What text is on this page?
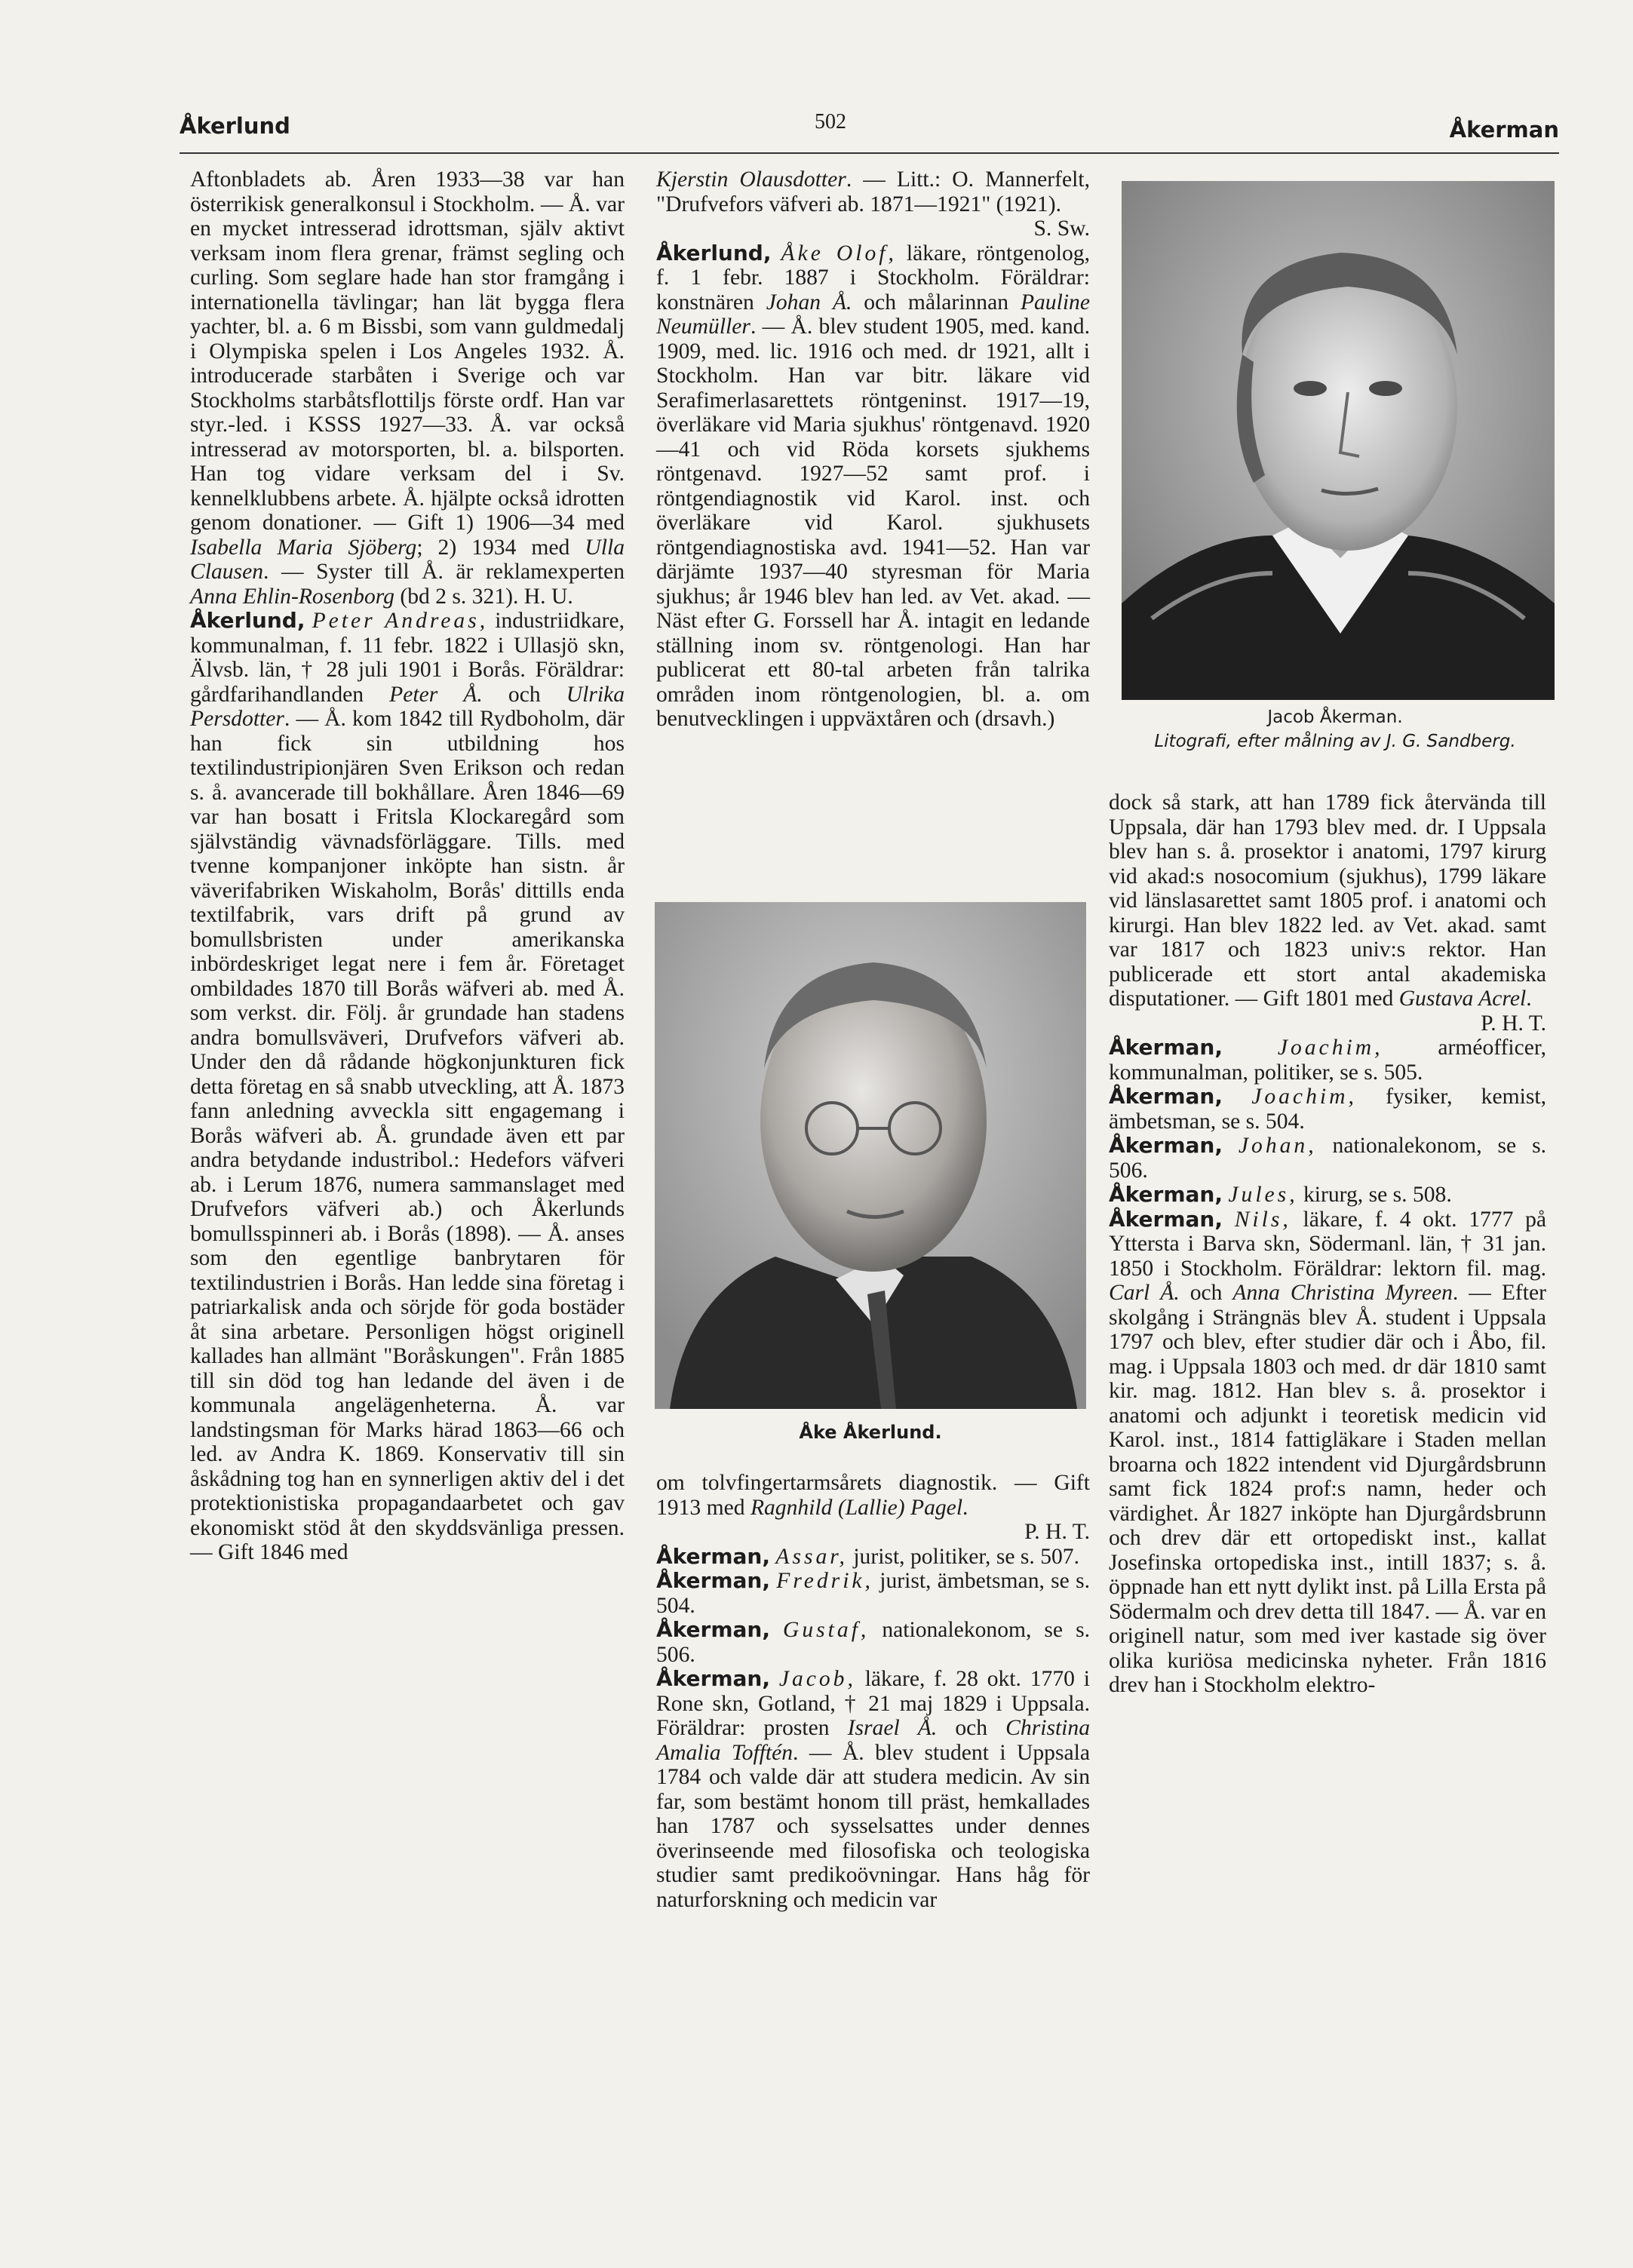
Åkerlund	502	Åkerman

Aftonbladets ab. Åren 1933—38 var han österrikisk generalkonsul i Stockholm. — Å. var en mycket intresserad idrottsman, själv aktivt verksam inom flera grenar, främst segling och curling. Som seglare hade han stor framgång i internationella tävlingar; han lät bygga flera yachter, bl. a. 6 m Bissbi, som vann guldmedalj i Olympiska spelen i Los Angeles 1932. Å. introducerade starbåten i Sverige och var Stockholms starbåtsflottiljs förste ordf. Han var styr.-led. i KSSS 1927—33. Å. var också intresserad av motorsporten, bl. a. bilsporten. Han tog vidare verksam del i Sv. kennelklubbens arbete. Å. hjälpte också idrotten genom donationer. — Gift 1) 1906—34 med Isabella Maria Sjöberg; 2) 1934 med Ulla Clausen. — Syster till Å. är reklamexperten Anna Ehlin-Rosenborg (bd 2 s. 321). H. U.

Åkerlund, Peter Andreas, industriidkare, kommunalman, f. 11 febr. 1822 i Ullasjö skn, Älvsb. län, † 28 juli 1901 i Borås. Föräldrar: gårdfarihandlanden Peter Å. och Ulrika Persdotter. — Å. kom 1842 till Rydboholm, där han fick sin utbildning hos textilindustripionjären Sven Erikson och redan s. å. avancerade till bokhållare. Åren 1846—69 var han bosatt i Fritsla Klockaregård som självständig vävnadsförläggare. Tills. med tvenne kompanjoner inköpte han sistn. år väverifabriken Wiskaholm, Borås' dittills enda textilfabrik, vars drift på grund av bomullsbristen under amerikanska inbördeskriget legat nere i fem år. Företaget ombildades 1870 till Borås wäfveri ab. med Å. som verkst. dir. Följ. år grundade han stadens andra bomullsväveri, Drufvefors väfveri ab. Under den då rådande högkonjunkturen fick detta företag en så snabb utveckling, att Å. 1873 fann anledning avveckla sitt engagemang i Borås wäfveri ab. Å. grundade även ett par andra betydande industribol.: Hedefors väfveri ab. i Lerum 1876, numera sammanslaget med Drufvefors väfveri ab.) och Åkerlunds bomullsspinneri ab. i Borås (1898). — Å. anses som den egentlige banbrytaren för textilindustrien i Borås. Han ledde sina företag i patriarkalisk anda och sörjde för goda bostäder åt sina arbetare. Personligen högst originell kallades han allmänt "Boråskungen". Från 1885 till sin död tog han ledande del även i de kommunala angelägenheterna. Å. var landstingsman för Marks härad 1863—66 och led. av Andra K. 1869. Konservativ till sin åskådning tog han en synnerligen aktiv del i det protektionistiska propagandaarbetet och gav ekonomiskt stöd åt den skyddsvänliga pressen. — Gift 1846 med

Kjerstin Olausdotter. — Litt.: O. Mannerfelt, "Drufvefors väfveri ab. 1871—1921" (1921).
S. Sw.

Åkerlund, Åke Olof, läkare, röntgenolog, f. 1 febr. 1887 i Stockholm. Föräldrar: konstnären Johan Å. och målarinnan Pauline Neumüller. — Å. blev student 1905, med. kand. 1909, med. lic. 1916 och med. dr 1921, allt i Stockholm. Han var bitr. läkare vid Serafimerlasarettets röntgeninst. 1917—19, överläkare vid Maria sjukhus' röntgenavd. 1920—41 och vid Röda korsets sjukhems röntgenavd. 1927—52 samt prof. i röntgendiagnostik vid Karol. inst. och överläkare vid Karol. sjukhusets röntgendiagnostiska avd. 1941—52. Han var därjämte 1937—40 styresman för Maria sjukhus; år 1946 blev han led. av Vet. akad. — Näst efter G. Forssell har Å. intagit en ledande ställning inom sv. röntgenologi. Han har publicerat ett 80-tal arbeten från talrika områden inom röntgenologien, bl. a. om benutvecklingen i uppväxtåren och (drsavh.)

Åke Åkerlund.

om tolvfingertarmsårets diagnostik. — Gift 1913 med Ragnhild (Lallie) Pagel.
P. H. T.

Åkerman, Assar, jurist, politiker, se s. 507.

Åkerman, Fredrik, jurist, ämbetsman, se s. 504.

Åkerman, Gustaf, nationalekonom, se s. 506.

Åkerman, Jacob, läkare, f. 28 okt. 1770 i Rone skn, Gotland, † 21 maj 1829 i Uppsala. Föräldrar: prosten Israel Å. och Christina Amalia Tofftén. — Å. blev student i Uppsala 1784 och valde där att studera medicin. Av sin far, som bestämt honom till präst, hemkallades han 1787 och sysselsattes under dennes överinseende med filosofiska och teologiska studier samt predikoövningar. Hans håg för naturforskning och medicin var

Jacob Åkerman.
Litografi, efter målning av J. G. Sandberg.

dock så stark, att han 1789 fick återvända till Uppsala, där han 1793 blev med. dr. I Uppsala blev han s. å. prosektor i anatomi, 1797 kirurg vid akad:s nosocomium (sjukhus), 1799 läkare vid länslasarettet samt 1805 prof. i anatomi och kirurgi. Han blev 1822 led. av Vet. akad. samt var 1817 och 1823 univ:s rektor. Han publicerade ett stort antal akademiska disputationer. — Gift 1801 med Gustava Acrel.
P. H. T.

Åkerman, Joachim, arméofficer, kommunalman, politiker, se s. 505.

Åkerman, Joachim, fysiker, kemist, ämbetsman, se s. 504.

Åkerman, Johan, nationalekonom, se s. 506.

Åkerman, Jules, kirurg, se s. 508.

Åkerman, Nils, läkare, f. 4 okt. 1777 på Yttersta i Barva skn, Södermanl. län, † 31 jan. 1850 i Stockholm. Föräldrar: lektorn fil. mag. Carl Å. och Anna Christina Myreen. — Efter skolgång i Strängnäs blev Å. student i Uppsala 1797 och blev, efter studier där och i Åbo, fil. mag. i Uppsala 1803 och med. dr där 1810 samt kir. mag. 1812. Han blev s. å. prosektor i anatomi och adjunkt i teoretisk medicin vid Karol. inst., 1814 fattigläkare i Staden mellan broarna och 1822 intendent vid Djurgårdsbrunn samt fick 1824 prof:s namn, heder och värdighet. År 1827 inköpte han Djurgårdsbrunn och drev där ett ortopediskt inst., kallat Josefinska ortopediska inst., intill 1837; s. å. öppnade han ett nytt dylikt inst. på Lilla Ersta på Södermalm och drev detta till 1847. — Å. var en originell natur, som med iver kastade sig över olika kuriösa medicinska nyheter. Från 1816 drev han i Stockholm elektro-
